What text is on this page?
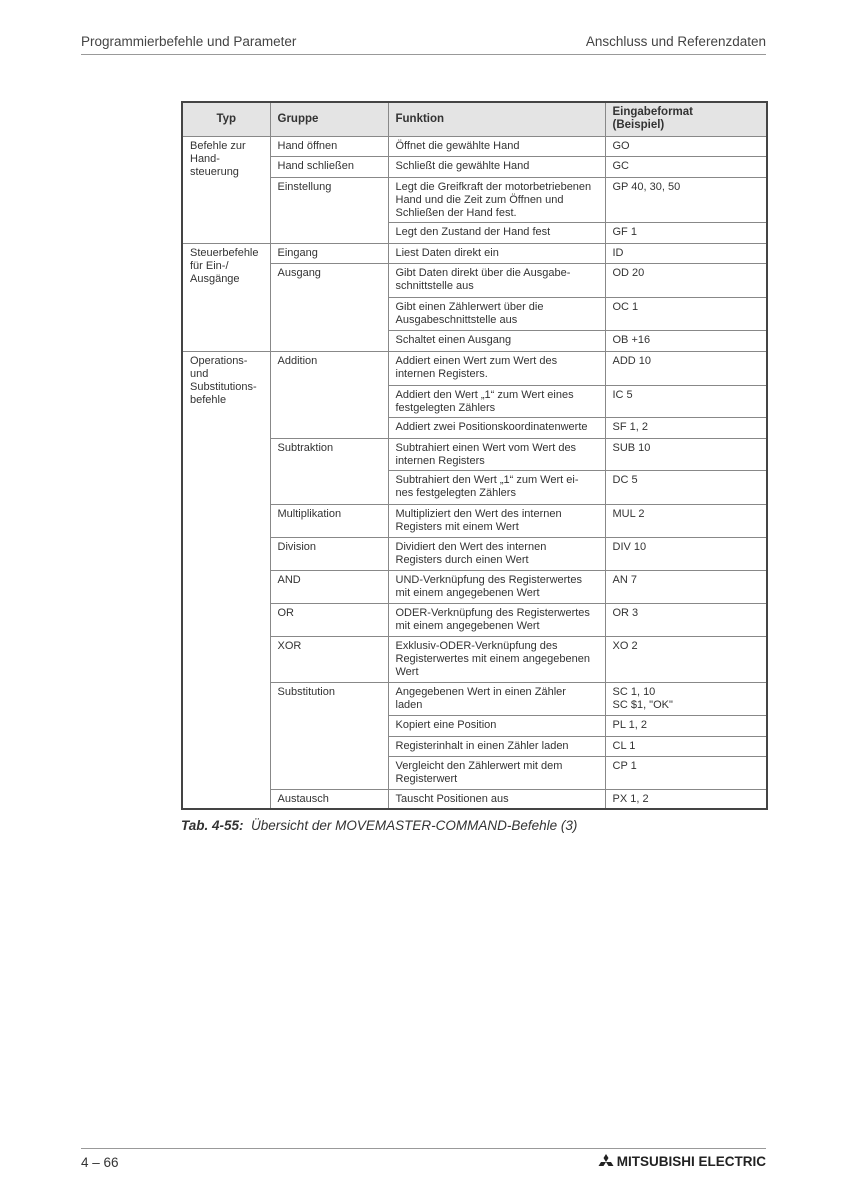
Programmierbefehle und Parameter	Anschluss und Referenzdaten
Typ	Gruppe	Funktion	Eingabeformat
(Beispiel)
Befehle zur
Hand-
steuerung	Hand öffnen	Öffnet die gewählte Hand	GO
	Hand schließen	Schließt die gewählte Hand	GC
	Einstellung	Legt die Greifkraft der motorbetriebenen
Hand und die Zeit zum Öffnen und
Schließen der Hand fest.	GP 40, 30, 50
		Legt den Zustand der Hand fest	GF 1
Steuerbefehle
für Ein-/
Ausgänge	Eingang	Liest Daten direkt ein	ID
	Ausgang	Gibt Daten direkt über die Ausgabe-
schnittstelle aus	OD 20
		Gibt einen Zählerwert über die
Ausgabeschnittstelle aus	OC 1
		Schaltet einen Ausgang	OB +16
Operations-
und
Substitutions-
befehle	Addition	Addiert einen Wert zum Wert des
internen Registers.	ADD 10
		Addiert den Wert „1“ zum Wert eines
festgelegten Zählers	IC 5
		Addiert zwei Positionskoordinatenwerte	SF 1, 2
	Subtraktion	Subtrahiert einen Wert vom Wert des
internen Registers	SUB 10
		Subtrahiert den Wert „1“ zum Wert ei-
nes festgelegten Zählers	DC 5
	Multiplikation	Multipliziert den Wert des internen
Registers mit einem Wert	MUL 2
	Division	Dividiert den Wert des internen
Registers durch einen Wert	DIV 10
	AND	UND-Verknüpfung des Registerwertes
mit einem angegebenen Wert	AN 7
	OR	ODER-Verknüpfung des Registerwertes
mit einem angegebenen Wert	OR 3
	XOR	Exklusiv-ODER-Verknüpfung des
Registerwertes mit einem angegebenen
Wert	XO 2
	Substitution	Angegebenen Wert in einen Zähler
laden	SC 1, 10
SC $1, "OK"
		Kopiert eine Position	PL 1, 2
		Registerinhalt in einen Zähler laden	CL 1
		Vergleicht den Zählerwert mit dem
Registerwert	CP 1
	Austausch	Tauscht Positionen aus	PX 1, 2
Tab. 4-55: Übersicht der MOVEMASTER-COMMAND-Befehle (3)
4 – 66	MITSUBISHI ELECTRIC
